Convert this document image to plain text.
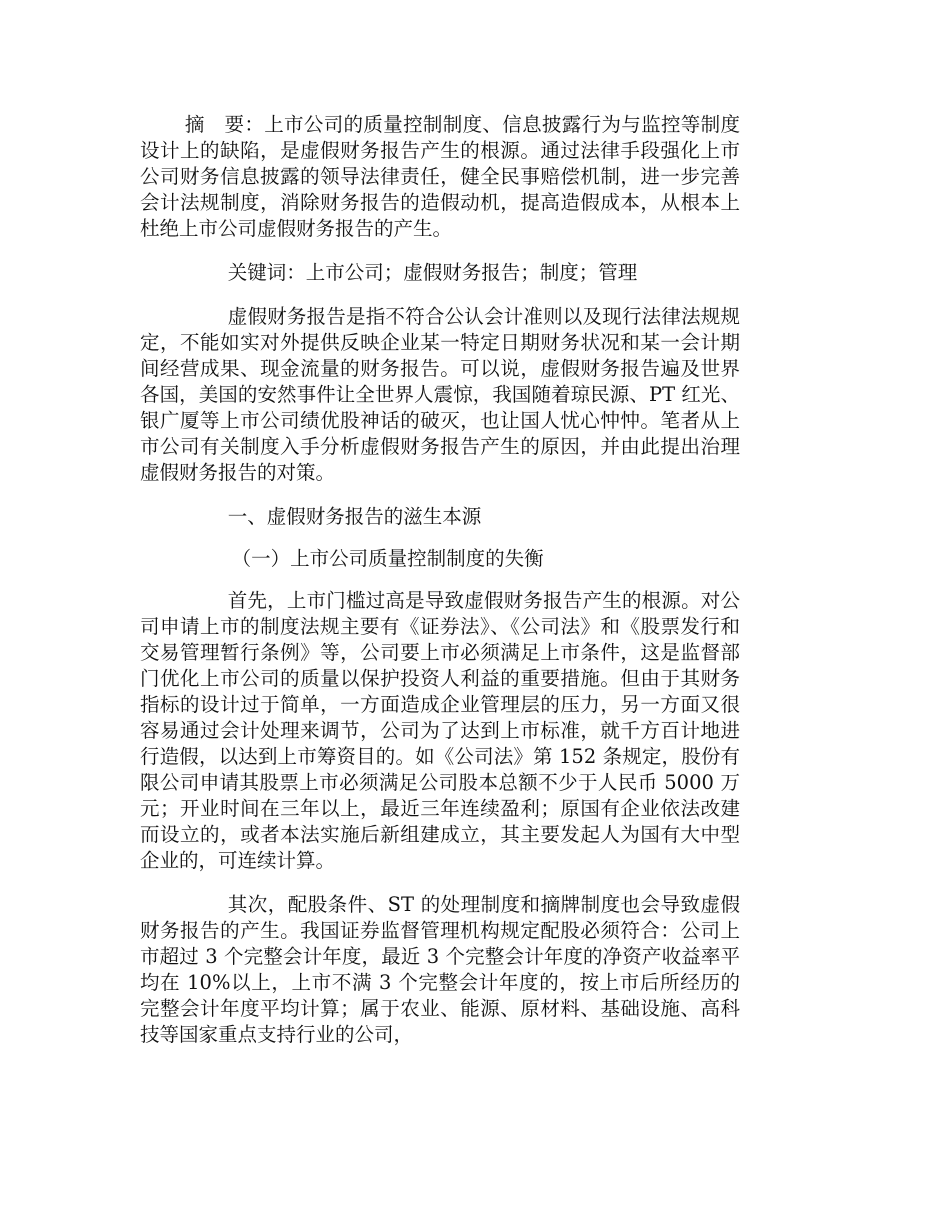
摘　要：上市公司的质量控制制度、信息披露行为与监控等制度设计上的缺陷，是虚假财务报告产生的根源。通过法律手段强化上市公司财务信息披露的领导法律责任，健全民事赔偿机制，进一步完善会计法规制度，消除财务报告的造假动机，提高造假成本，从根本上杜绝上市公司虚假财务报告的产生。

关键词：上市公司；虚假财务报告；制度；管理

虚假财务报告是指不符合公认会计准则以及现行法律法规规定，不能如实对外提供反映企业某一特定日期财务状况和某一会计期间经营成果、现金流量的财务报告。可以说，虚假财务报告遍及世界各国，美国的安然事件让全世界人震惊，我国随着琼民源、PT 红光、银广厦等上市公司绩优股神话的破灭，也让国人忧心忡忡。笔者从上市公司有关制度入手分析虚假财务报告产生的原因，并由此提出治理虚假财务报告的对策。

一、虚假财务报告的滋生本源

（一）上市公司质量控制制度的失衡

首先，上市门槛过高是导致虚假财务报告产生的根源。对公司申请上市的制度法规主要有《证券法》、《公司法》和《股票发行和交易管理暂行条例》等，公司要上市必须满足上市条件，这是监督部门优化上市公司的质量以保护投资人利益的重要措施。但由于其财务指标的设计过于简单，一方面造成企业管理层的压力，另一方面又很容易通过会计处理来调节，公司为了达到上市标准，就千方百计地进行造假，以达到上市筹资目的。如《公司法》第 152 条规定，股份有限公司申请其股票上市必须满足公司股本总额不少于人民币 5000 万元；开业时间在三年以上，最近三年连续盈利；原国有企业依法改建而设立的，或者本法实施后新组建成立，其主要发起人为国有大中型企业的，可连续计算。

其次，配股条件、ST 的处理制度和摘牌制度也会导致虚假财务报告的产生。我国证券监督管理机构规定配股必须符合：公司上市超过 3 个完整会计年度，最近 3 个完整会计年度的净资产收益率平均在 10%以上，上市不满 3 个完整会计年度的，按上市后所经历的完整会计年度平均计算；属于农业、能源、原材料、基础设施、高科技等国家重点支持行业的公司，
